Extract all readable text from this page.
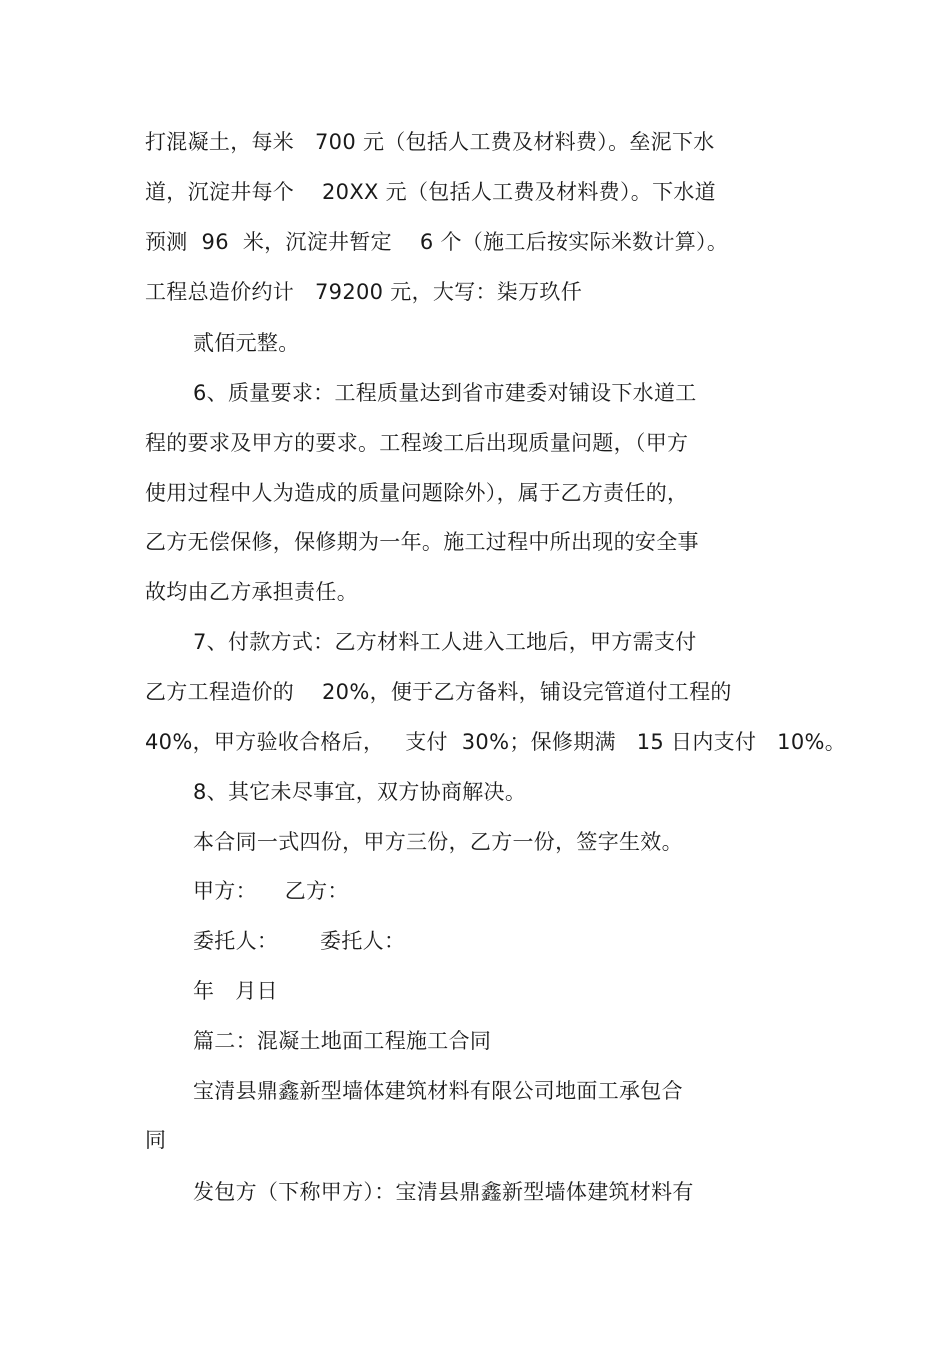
打混凝土，每米   700 元（包括人工费及材料费）。垒泥下水
道，沉淀井每个    20XX 元（包括人工费及材料费）。下水道
预测  96  米，沉淀井暂定    6 个（施工后按实际米数计算）。
工程总造价约计   79200 元，大写：柒万玖仟
贰佰元整。
6、质量要求：工程质量达到省市建委对铺设下水道工
程的要求及甲方的要求。工程竣工后出现质量问题，（甲方
使用过程中人为造成的质量问题除外），属于乙方责任的，
乙方无偿保修，保修期为一年。施工过程中所出现的安全事
故均由乙方承担责任。
7、付款方式：乙方材料工人进入工地后，甲方需支付
乙方工程造价的    20%，便于乙方备料，铺设完管道付工程的
40%，甲方验收合格后，   支付  30%；保修期满   15 日内支付   10%。
8、其它未尽事宜，双方协商解决。
本合同一式四份，甲方三份，乙方一份，签字生效。
甲方：    乙方：
委托人：      委托人：
年   月日
篇二：混凝土地面工程施工合同
宝清县鼎鑫新型墙体建筑材料有限公司地面工承包合
同
发包方（下称甲方）：宝清县鼎鑫新型墙体建筑材料有
